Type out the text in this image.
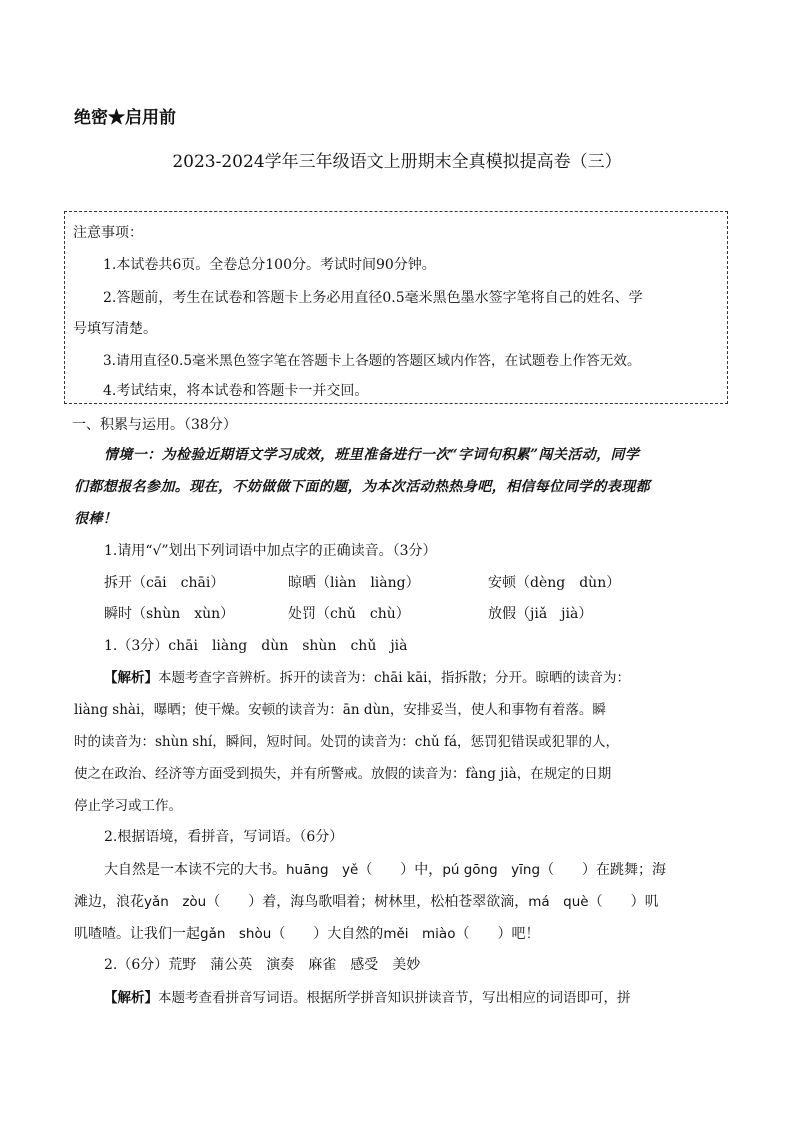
绝密★启用前
2023-2024学年三年级语文上册期末全真模拟提高卷（三）
注意事项：
1.本试卷共6页。全卷总分100分。考试时间90分钟。
2.答题前，考生在试卷和答题卡上务必用直径0.5毫米黑色墨水签字笔将自己的姓名、学
号填写清楚。
3.请用直径0.5毫米黑色签字笔在答题卡上各题的答题区域内作答，在试题卷上作答无效。
4.考试结束，将本试卷和答题卡一并交回。
一、积累与运用。（38分）
情境一：为检验近期语文学习成效，班里准备进行一次“字词句积累”闯关活动，同学
们都想报名参加。现在，不妨做做下面的题，为本次活动热热身吧，相信每位同学的表现都
很棒！
1.请用“√”划出下列词语中加点字的正确读音。（3分）
拆开（cāi　chāi）	晾晒（liàn　liàng）	安顿（dèng　dùn）
瞬时（shùn　xùn）	处罚（chǔ　chù）	放假（jiǎ　jià）
1.（3分）chāi　liàng　dùn　shùn　chǔ　jià
【解析】本题考查字音辨析。拆开的读音为：chāi kāi，指拆散；分开。晾晒的读音为：
liàng shài，曝晒；使干燥。安顿的读音为：ān dùn，安排妥当，使人和事物有着落。瞬
时的读音为：shùn shí，瞬间，短时间。处罚的读音为：chǔ fá，惩罚犯错误或犯罪的人，
使之在政治、经济等方面受到损失，并有所警戒。放假的读音为：fàng jià，在规定的日期
停止学习或工作。
2.根据语境，看拼音，写词语。（6分）
大自然是一本读不完的大书。huāng　yě（　　）中，pú gōng　yīng（　　）在跳舞；海
滩边，浪花yǎn　zòu（　　）着，海鸟歌唱着；树林里，松柏苍翠欲滴，má　què（　　）叽
叽喳喳。让我们一起gǎn　shòu（　　）大自然的měi　miào（　　）吧！
2.（6分）荒野　蒲公英　演奏　麻雀　感受　美妙
【解析】本题考查看拼音写词语。根据所学拼音知识拼读音节，写出相应的词语即可，拼
